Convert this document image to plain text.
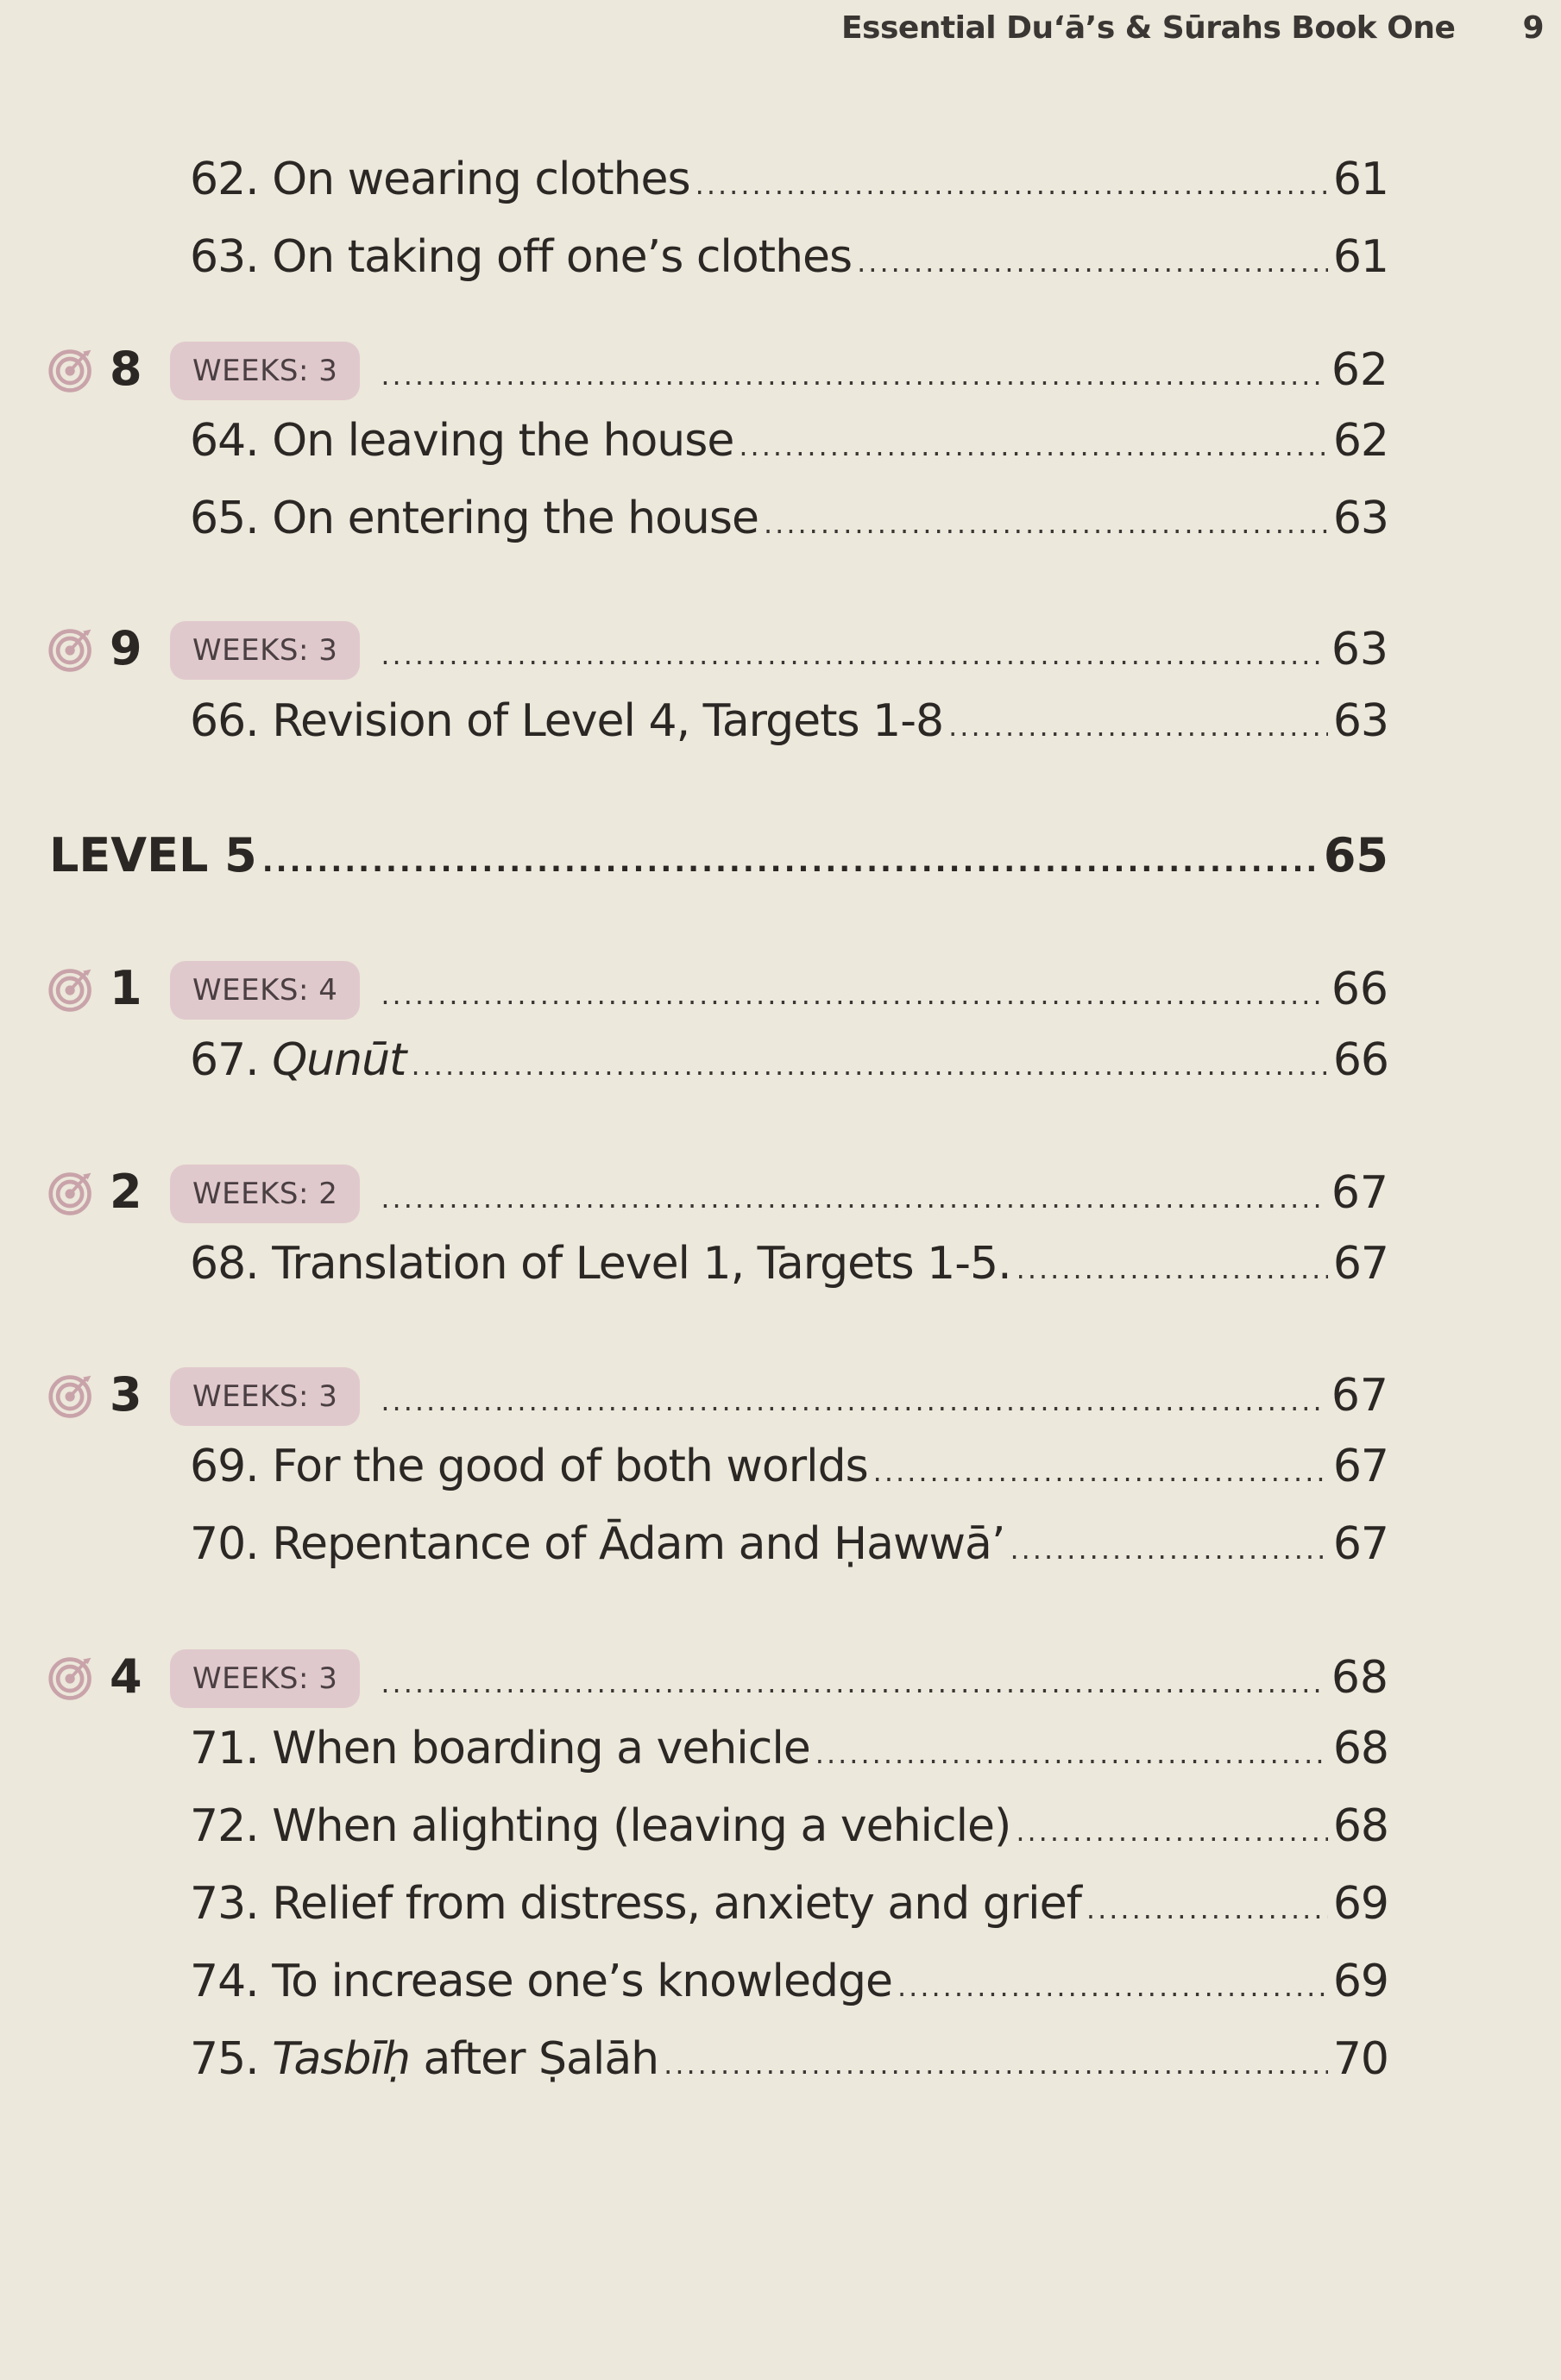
Essential Du‘ā’s & Sūrahs Book One 9
62. On wearing clothes .....	61
63. On taking off one’s clothes .....	61
8	WEEKS: 3 .....	62
64. On leaving the house .....	62
65. On entering the house .....	63
9	WEEKS: 3 .....	63
66. Revision of Level 4, Targets 1-8 .....	63
LEVEL 5 .....	65
1	WEEKS: 4 .....	66
67. Qunūt .....	66
2	WEEKS: 2 .....	67
68. Translation of Level 1, Targets 1-5. .....	67
3	WEEKS: 3 .....	67
69. For the good of both worlds .....	67
70. Repentance of Ādam and Ḥawwā’ .....	67
4	WEEKS: 3 .....	68
71. When boarding a vehicle .....	68
72. When alighting (leaving a vehicle) .....	68
73. Relief from distress, anxiety and grief .....	69
74. To increase one’s knowledge .....	69
75. Tasbīḥ after Ṣalāh .....	70
